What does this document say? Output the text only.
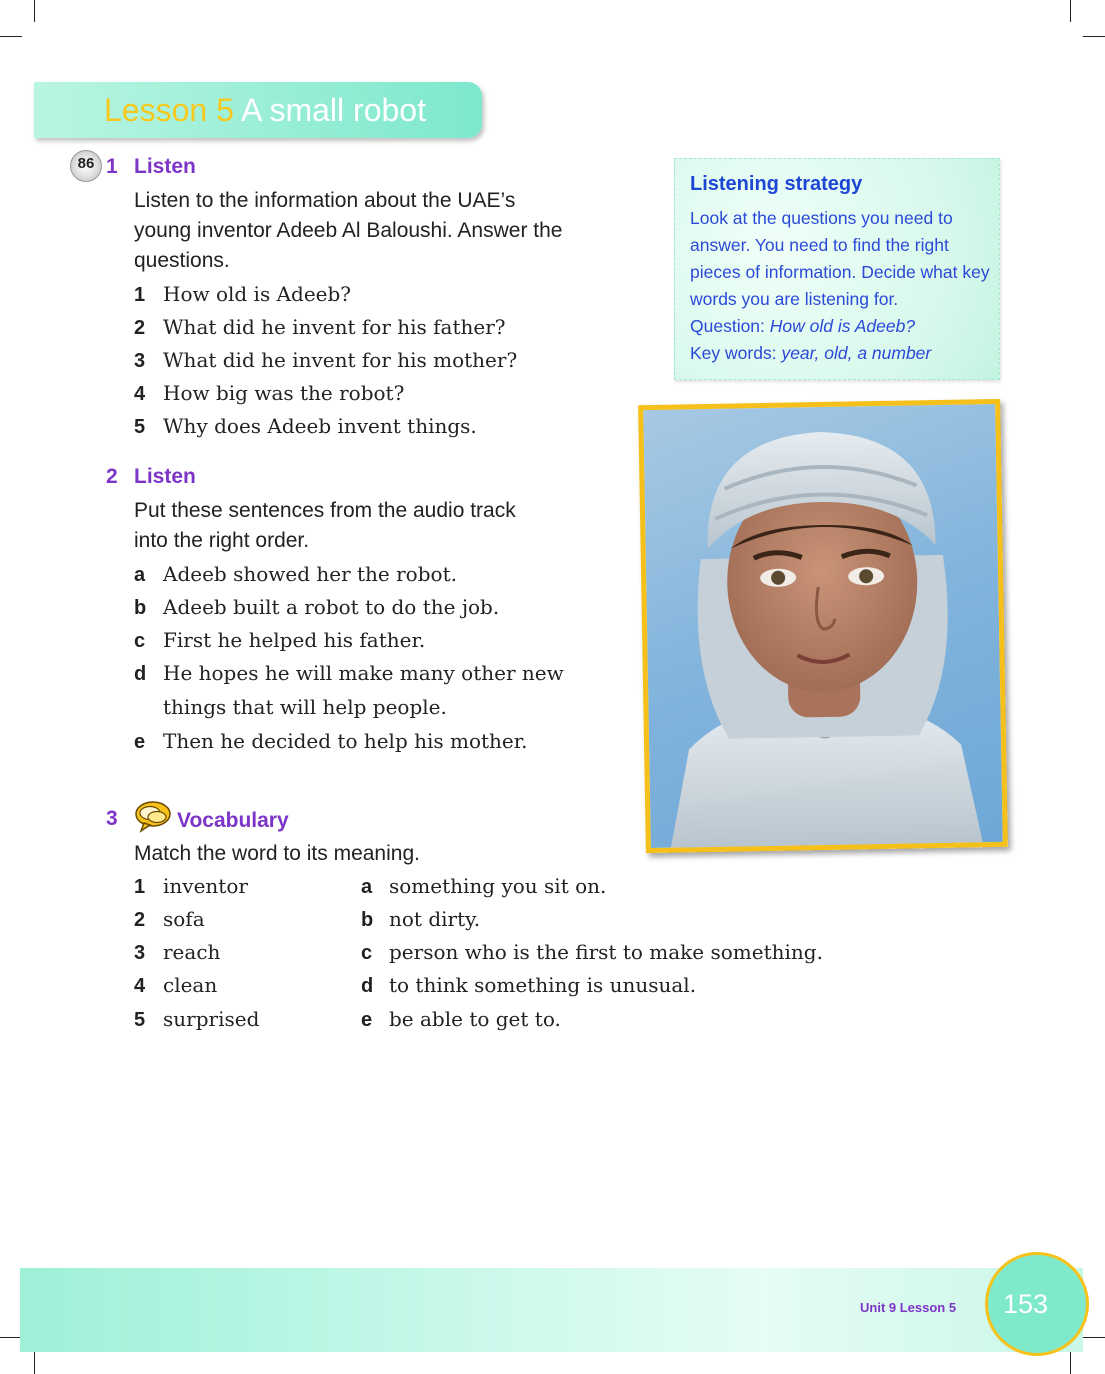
Lesson 5 A small robot
86 1 Listen
Listen to the information about the UAE’s young inventor Adeeb Al Baloushi. Answer the questions.
1 How old is Adeeb?
2 What did he invent for his father?
3 What did he invent for his mother?
4 How big was the robot?
5 Why does Adeeb invent things.
Listening strategy
Look at the questions you need to answer. You need to find the right pieces of information. Decide what key words you are listening for.
Question: How old is Adeeb?
Key words: year, old, a number
2 Listen
Put these sentences from the audio track into the right order.
a Adeeb showed her the robot.
b Adeeb built a robot to do the job.
c First he helped his father.
d He hopes he will make many other new
things that will help people.
e Then he decided to help his mother.
3	Vocabulary
Match the word to its meaning.
1 inventor
2 sofa
3 reach
4 clean
5 surprised
a something you sit on.
b not dirty.
c person who is the first to make something.
d to think something is unusual.
e be able to get to.
Unit 9 Lesson 5 153
